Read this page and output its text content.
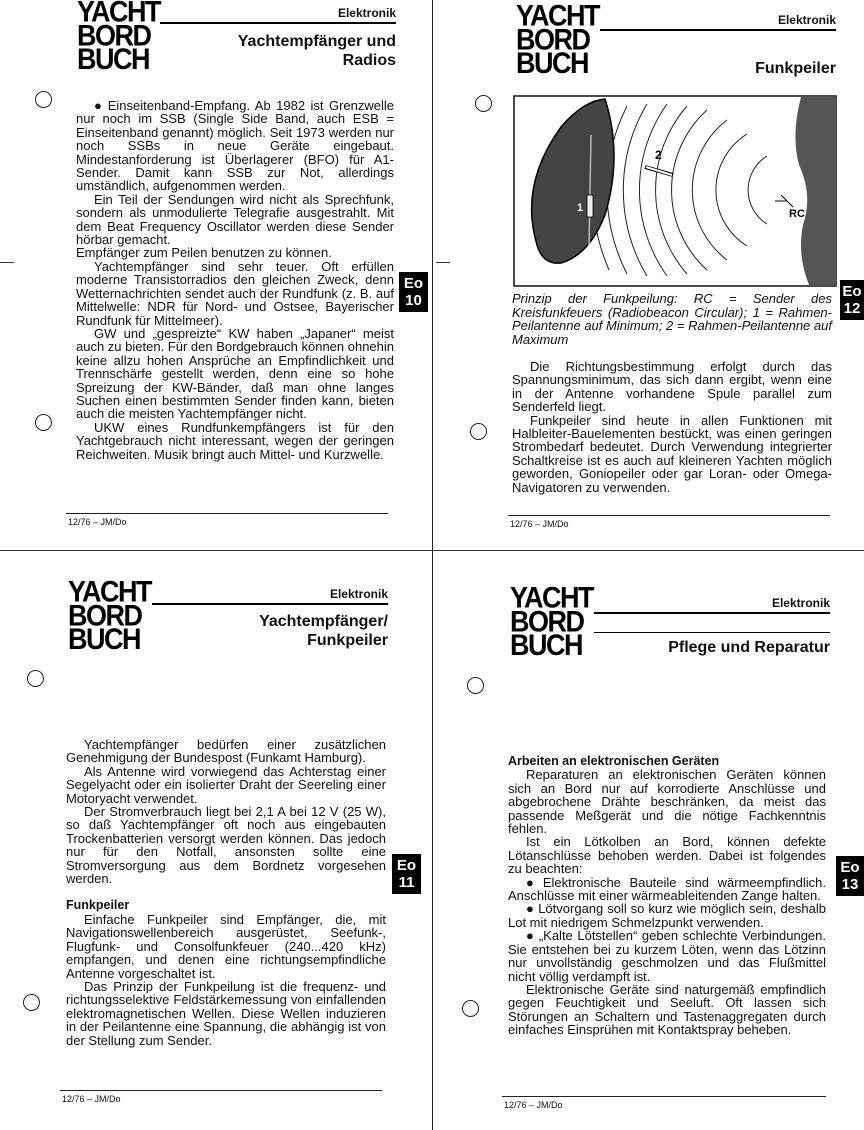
YACHT
BORD
BUCH
Elektronik
Yachtempfänger und Radios

● Einseitenband-Empfang. Ab 1982 ist Grenzwelle nur noch im SSB (Single Side Band, auch ESB = Einseitenband genannt) möglich. Seit 1973 werden nur noch SSBs in neue Geräte eingebaut. Mindestanforderung ist Überlagerer (BFO) für A1-Sender. Damit kann SSB zur Not, allerdings umständlich, aufgenommen werden.

Ein Teil der Sendungen wird nicht als Sprechfunk, sondern als unmodulierte Telegrafie ausgestrahlt. Mit dem Beat Frequency Oscillator werden diese Sender hörbar gemacht.

Empfänger zum Peilen benutzen zu können.

Yachtempfänger sind sehr teuer. Oft erfüllen moderne Transistorradios den gleichen Zweck, denn Wetternachrichten sendet auch der Rundfunk (z. B. auf Mittelwelle: NDR für Nord- und Ostsee, Bayerischer Rundfunk für Mittelmeer).

GW und „gespreizte“ KW haben „Japaner“ meist auch zu bieten. Für den Bordgebrauch können ohnehin keine allzu hohen Ansprüche an Empfindlichkeit und Trennschärfe gestellt werden, denn eine so hohe Spreizung der KW-Bänder, daß man ohne langes Suchen einen bestimmten Sender finden kann, bieten auch die meisten Yachtempfänger nicht.

UKW eines Rundfunkempfängers ist für den Yachtgebrauch nicht interessant, wegen der geringen Reichweiten. Musik bringt auch Mittel- und Kurzwelle.

Eo
10
12/76 – JM/Do
YACHT
BORD
BUCH
Elektronik
Funkpeiler
RC
1
2
Prinzip der Funkpeilung: RC = Sender des Kreisfunkfeuers (Radiobeacon Circular); 1 = Rahmen-Peilantenne auf Minimum; 2 = Rahmen-Peilantenne auf Maximum

Die Richtungsbestimmung erfolgt durch das Spannungsminimum, das sich dann ergibt, wenn eine in der Antenne vorhandene Spule parallel zum Senderfeld liegt.

Funkpeiler sind heute in allen Funktionen mit Halbleiter-Bauelementen bestückt, was einen geringen Strombedarf bedeutet. Durch Verwendung integrierter Schaltkreise ist es auch auf kleineren Yachten möglich geworden, Goniopeiler oder gar Loran- oder Omega-Navigatoren zu verwenden.

Eo
12
12/76 – JM/Do
YACHT
BORD
BUCH
Elektronik
Yachtempfänger/ Funkpeiler

Yachtempfänger bedürfen einer zusätzlichen Genehmigung der Bundespost (Funkamt Hamburg).

Als Antenne wird vorwiegend das Achterstag einer Segelyacht oder ein isolierter Draht der Seereling einer Motoryacht verwendet.

Der Stromverbrauch liegt bei 2,1 A bei 12 V (25 W), so daß Yachtempfänger oft noch aus eingebauten Trockenbatterien versorgt werden können. Das jedoch nur für den Notfall, ansonsten sollte eine Stromversorgung aus dem Bordnetz vorgesehen werden.

Funkpeiler

Einfache Funkpeiler sind Empfänger, die, mit Navigationswellenbereich ausgerüstet, Seefunk-, Flugfunk- und Consolfunkfeuer (240...420 kHz) empfangen, und denen eine richtungsempfindliche Antenne vorgeschaltet ist.

Das Prinzip der Funkpeilung ist die frequenz- und richtungsselektive Feldstärkemessung von einfallenden elektromagnetischen Wellen. Diese Wellen induzieren in der Peilantenne eine Spannung, die abhängig ist von der Stellung zum Sender.

Eo
11
12/76 – JM/Do
YACHT
BORD
BUCH
Elektronik
Pflege und Reparatur
Arbeiten an elektronischen Geräten

Reparaturen an elektronischen Geräten können sich an Bord nur auf korrodierte Anschlüsse und abgebrochene Drähte beschränken, da meist das passende Meßgerät und die nötige Fachkenntnis fehlen.

Ist ein Lötkolben an Bord, können defekte Lötanschlüsse behoben werden. Dabei ist folgendes zu beachten:

● Elektronische Bauteile sind wärmeempfindlich. Anschlüsse mit einer wärmeableitenden Zange halten.

● Lötvorgang soll so kurz wie möglich sein, deshalb Lot mit niedrigem Schmelzpunkt verwenden.

● „Kalte Lötstellen“ geben schlechte Verbindungen. Sie entstehen bei zu kurzem Löten, wenn das Lötzinn nur unvollständig geschmolzen und das Flußmittel nicht völlig verdampft ist.

Elektronische Geräte sind naturgemäß empfindlich gegen Feuchtigkeit und Seeluft. Oft lassen sich Störungen an Schaltern und Tastenaggregaten durch einfaches Einsprühen mit Kontaktspray beheben.

Eo
13
12/76 – JM/Do
